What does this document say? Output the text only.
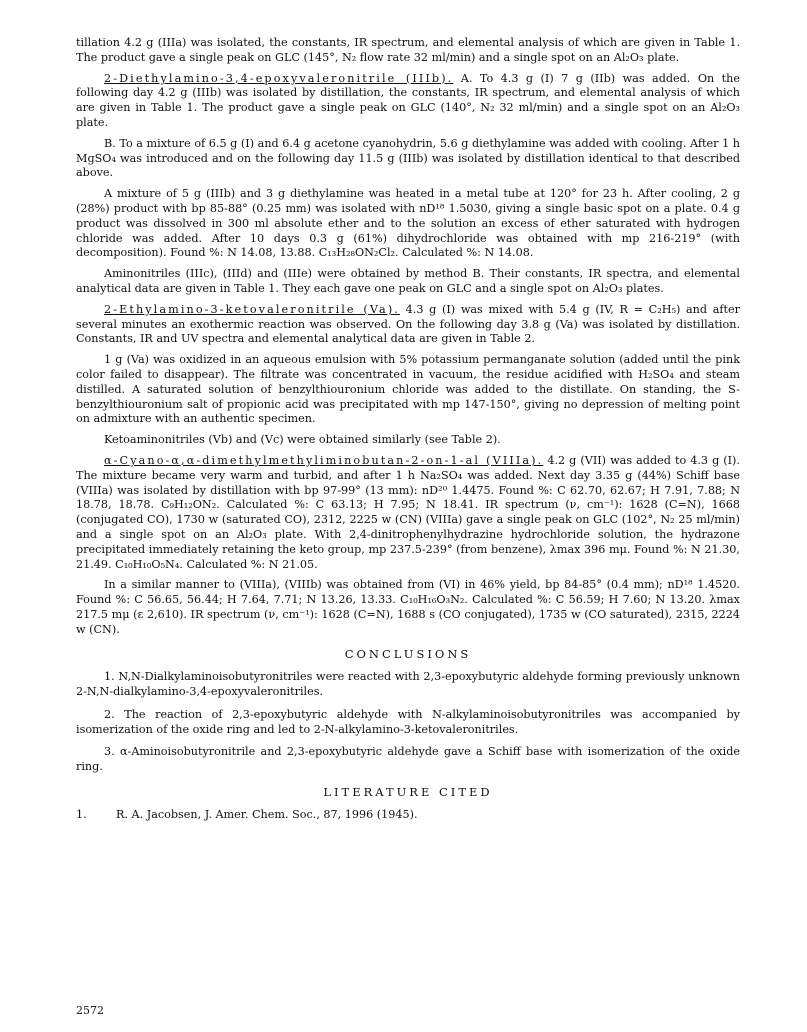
tillation 4.2 g (IIIa) was isolated, the constants, IR spectrum, and elemental analysis of which are given in Table 1. The product gave a single peak on GLC (145°, N₂ flow rate 32 ml/min) and a single spot on an Al₂O₃ plate.

2-Diethylamino-3,4-epoxyvaleronitrile (IIIb). A. To 4.3 g (I) 7 g (IIb) was added. On the following day 4.2 g (IIIb) was isolated by distillation, the constants, IR spectrum, and elemental analysis of which are given in Table 1. The product gave a single peak on GLC (140°, N₂ 32 ml/min) and a single spot on an Al₂O₃ plate.

B. To a mixture of 6.5 g (I) and 6.4 g acetone cyanohydrin, 5.6 g diethylamine was added with cooling. After 1 h MgSO₄ was introduced and on the following day 11.5 g (IIIb) was isolated by distillation identical to that described above.

A mixture of 5 g (IIIb) and 3 g diethylamine was heated in a metal tube at 120° for 23 h. After cooling, 2 g (28%) product with bp 85-88° (0.25 mm) was isolated with nD¹⁸ 1.5030, giving a single basic spot on a plate. 0.4 g product was dissolved in 300 ml absolute ether and to the solution an excess of ether saturated with hydrogen chloride was added. After 10 days 0.3 g (61%) dihydrochloride was obtained with mp 216-219° (with decomposition). Found %: N 14.08, 13.88. C₁₃H₂₈ON₂Cl₂. Calculated %: N 14.08.

Aminonitriles (IIIc), (IIId) and (IIIe) were obtained by method B. Their constants, IR spectra, and elemental analytical data are given in Table 1. They each gave one peak on GLC and a single spot on Al₂O₃ plates.

2-Ethylamino-3-ketovaleronitrile (Va). 4.3 g (I) was mixed with 5.4 g (IV, R = C₂H₅) and after several minutes an exothermic reaction was observed. On the following day 3.8 g (Va) was isolated by distillation. Constants, IR and UV spectra and elemental analytical data are given in Table 2.

1 g (Va) was oxidized in an aqueous emulsion with 5% potassium permanganate solution (added until the pink color failed to disappear). The filtrate was concentrated in vacuum, the residue acidified with H₂SO₄ and steam distilled. A saturated solution of benzylthiouronium chloride was added to the distillate. On standing, the S-benzylthiouronium salt of propionic acid was precipitated with mp 147-150°, giving no depression of melting point on admixture with an authentic specimen.

Ketoaminonitriles (Vb) and (Vc) were obtained similarly (see Table 2).

α-Cyano-α,α-dimethylmethyliminobutan-2-on-1-al (VIIIa). 4.2 g (VII) was added to 4.3 g (I). The mixture became very warm and turbid, and after 1 h Na₂SO₄ was added. Next day 3.35 g (44%) Schiff base (VIIIa) was isolated by distillation with bp 97-99° (13 mm): nD²⁰ 1.4475. Found %: C 62.70, 62.67; H 7.91, 7.88; N 18.78, 18.78. C₉H₁₂ON₂. Calculated %: C 63.13; H 7.95; N 18.41. IR spectrum (ν, cm⁻¹): 1628 (C=N), 1668 (conjugated CO), 1730 w (saturated CO), 2312, 2225 w (CN) (VIIIa) gave a single peak on GLC (102°, N₂ 25 ml/min) and a single spot on an Al₂O₃ plate. With 2,4-dinitrophenylhydrazine hydrochloride solution, the hydrazone precipitated immediately retaining the keto group, mp 237.5-239° (from benzene), λmax 396 mμ. Found %: N 21.30, 21.49. C₁₀H₁₀O₅N₄. Calculated %: N 21.05.

In a similar manner to (VIIIa), (VIIIb) was obtained from (VI) in 46% yield, bp 84-85° (0.4 mm); nD¹⁸ 1.4520. Found %: C 56.65, 56.44; H 7.64, 7.71; N 13.26, 13.33. C₁₀H₁₆O₃N₂. Calculated %: C 56.59; H 7.60; N 13.20. λmax 217.5 mμ (ε 2,610). IR spectrum (ν, cm⁻¹): 1628 (C=N), 1688 s (CO conjugated), 1735 w (CO saturated), 2315, 2224 w (CN).

CONCLUSIONS

1. N,N-Dialkylaminoisobutyronitriles were reacted with 2,3-epoxybutyric aldehyde forming previously unknown 2-N,N-dialkylamino-3,4-epoxyvaleronitriles.

2. The reaction of 2,3-epoxybutyric aldehyde with N-alkylaminoisobutyronitriles was accompanied by isomerization of the oxide ring and led to 2-N-alkylamino-3-ketovaleronitriles.

3. α-Aminoisobutyronitrile and 2,3-epoxybutyric aldehyde gave a Schiff base with isomerization of the oxide ring.

LITERATURE CITED
1.	R. A. Jacobsen, J. Amer. Chem. Soc., 87, 1996 (1945).
2572
